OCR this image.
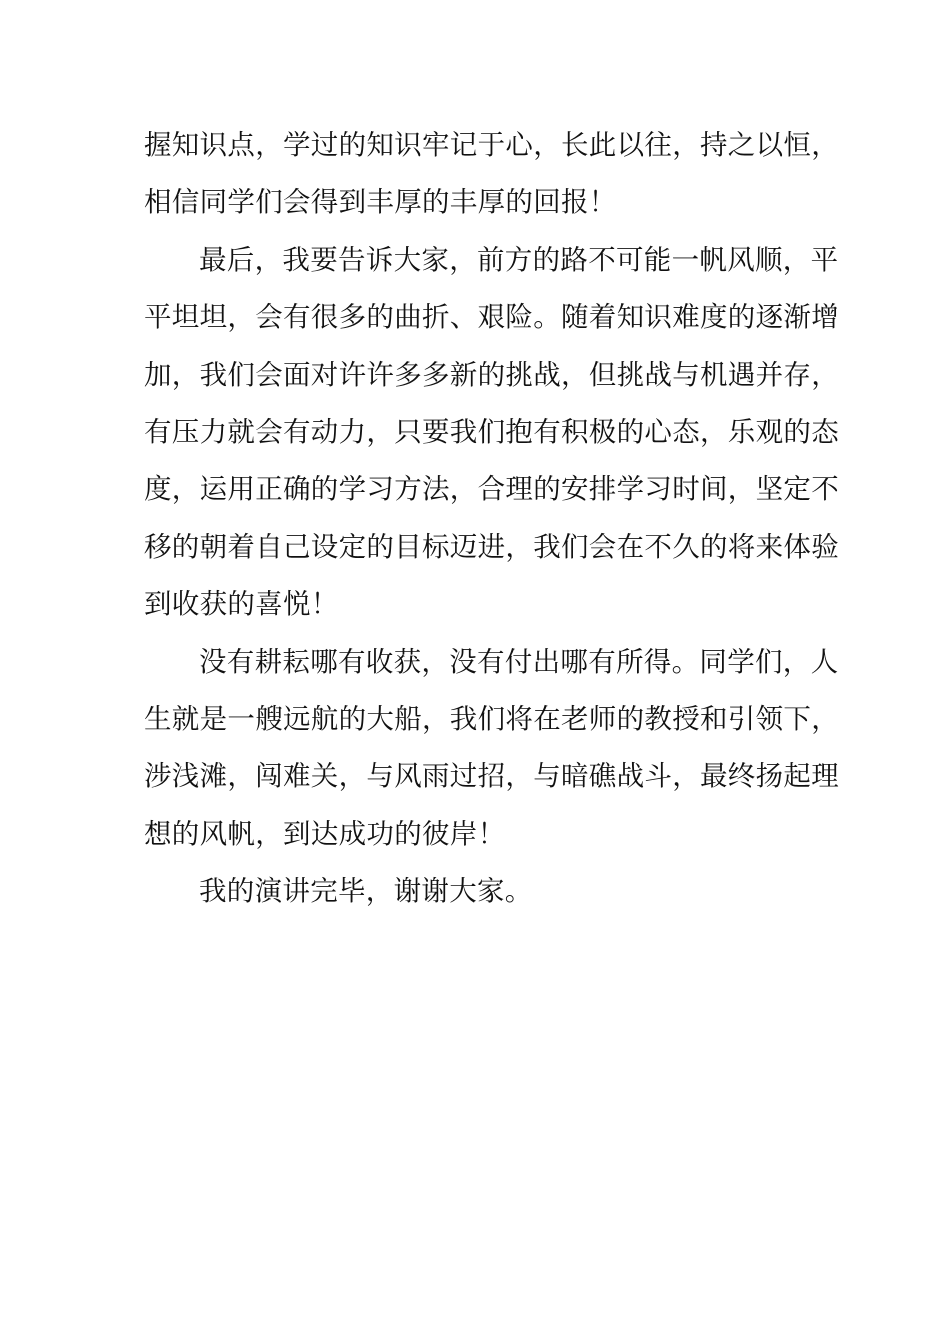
握知识点，学过的知识牢记于心，长此以往，持之以恒，
相信同学们会得到丰厚的丰厚的回报！
最后，我要告诉大家，前方的路不可能一帆风顺，平
平坦坦，会有很多的曲折、艰险。随着知识难度的逐渐增
加，我们会面对许许多多新的挑战，但挑战与机遇并存，
有压力就会有动力，只要我们抱有积极的心态，乐观的态
度，运用正确的学习方法，合理的安排学习时间，坚定不
移的朝着自己设定的目标迈进，我们会在不久的将来体验
到收获的喜悦！
没有耕耘哪有收获，没有付出哪有所得。同学们，人
生就是一艘远航的大船，我们将在老师的教授和引领下，
涉浅滩，闯难关，与风雨过招，与暗礁战斗，最终扬起理
想的风帆，到达成功的彼岸！
我的演讲完毕，谢谢大家。
